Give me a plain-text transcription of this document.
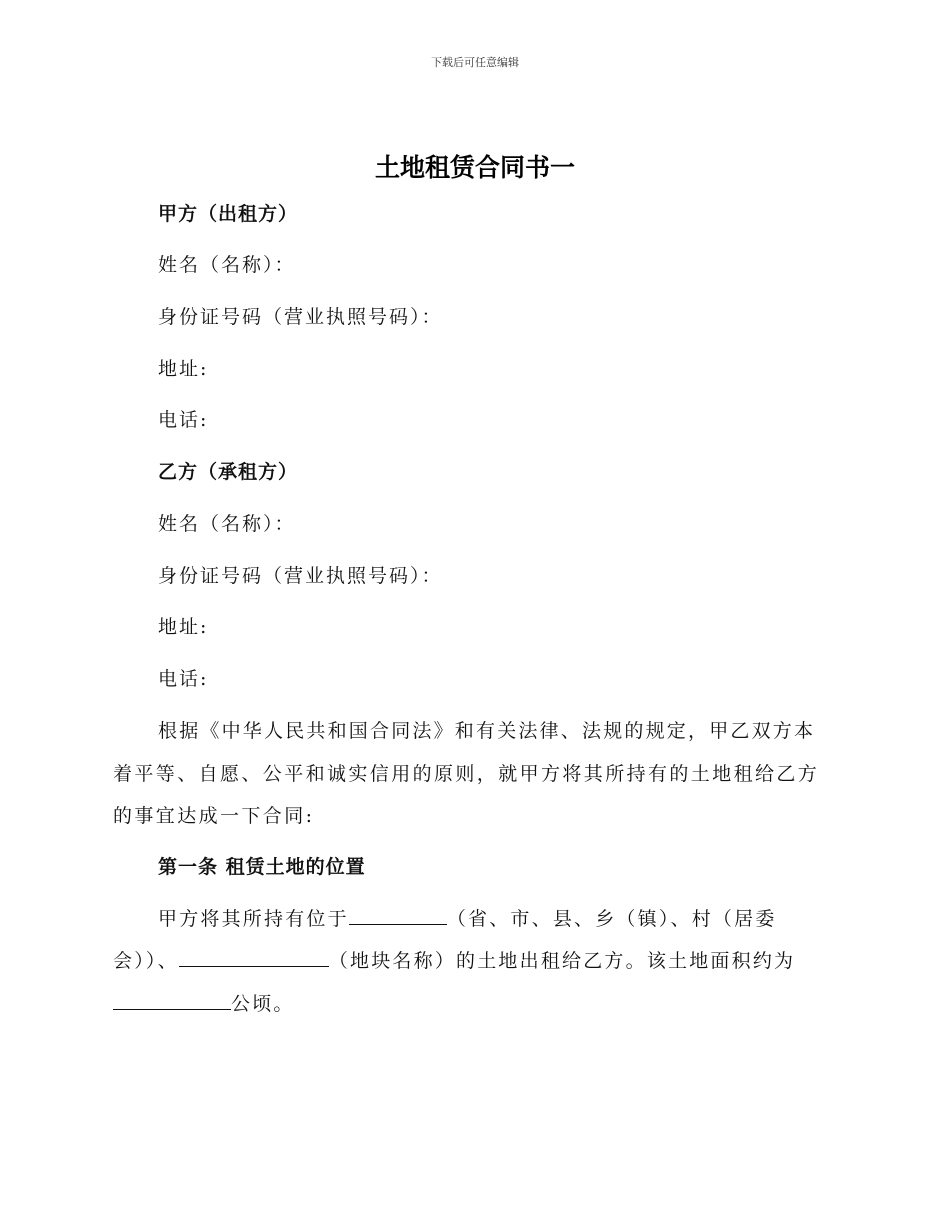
下载后可任意编辑
土地租赁合同书一

甲方（出租方）

姓名（名称）：

身份证号码（营业执照号码）：

地址:

电话:

乙方（承租方）

姓名（名称）：

身份证号码（营业执照号码）：

地址:

电话:

根据《中华人民共和国合同法》和有关法律、法规的规定，甲乙双方本

着平等、自愿、公平和诚实信用的原则，就甲方将其所持有的土地租给乙方

的事宜达成一下合同:

第一条 租赁土地的位置

甲方将其所持有位于	（省、市、县、乡（镇）、村（居委

会））、	（地块名称）的土地出租给乙方。该土地面积约为

公顷。
